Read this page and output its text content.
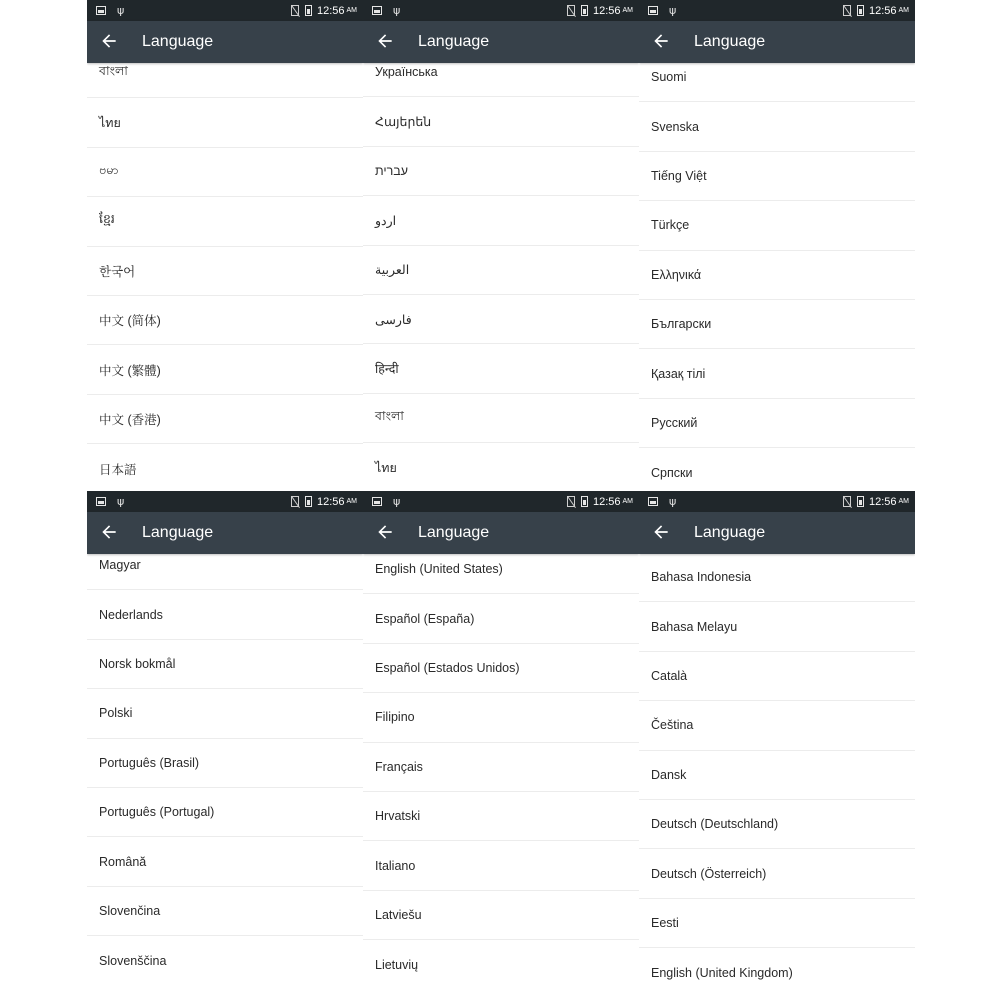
ψ	12:56 AM
Language
বাংলা
ไทย
ဗမာ
ខ្មែរ
한국어
中文 (简体)
中文 (繁體)
中文 (香港)
日本語
ψ	12:56 AM
Language
Українська
Հայերեն
עברית
اردو
العربية
فارسی
हिन्दी
বাংলা
ไทย
ψ	12:56 AM
Language
Suomi
Svenska
Tiếng Việt
Türkçe
Ελληνικά
Български
Қазақ тілі
Русский
Српски
ψ	12:56 AM
Language
Magyar
Nederlands
Norsk bokmål
Polski
Português (Brasil)
Português (Portugal)
Română
Slovenčina
Slovenščina
ψ	12:56 AM
Language
English (United States)
Español (España)
Español (Estados Unidos)
Filipino
Français
Hrvatski
Italiano
Latviešu
Lietuvių
ψ	12:56 AM
Language
Bahasa Indonesia
Bahasa Melayu
Català
Čeština
Dansk
Deutsch (Deutschland)
Deutsch (Österreich)
Eesti
English (United Kingdom)
